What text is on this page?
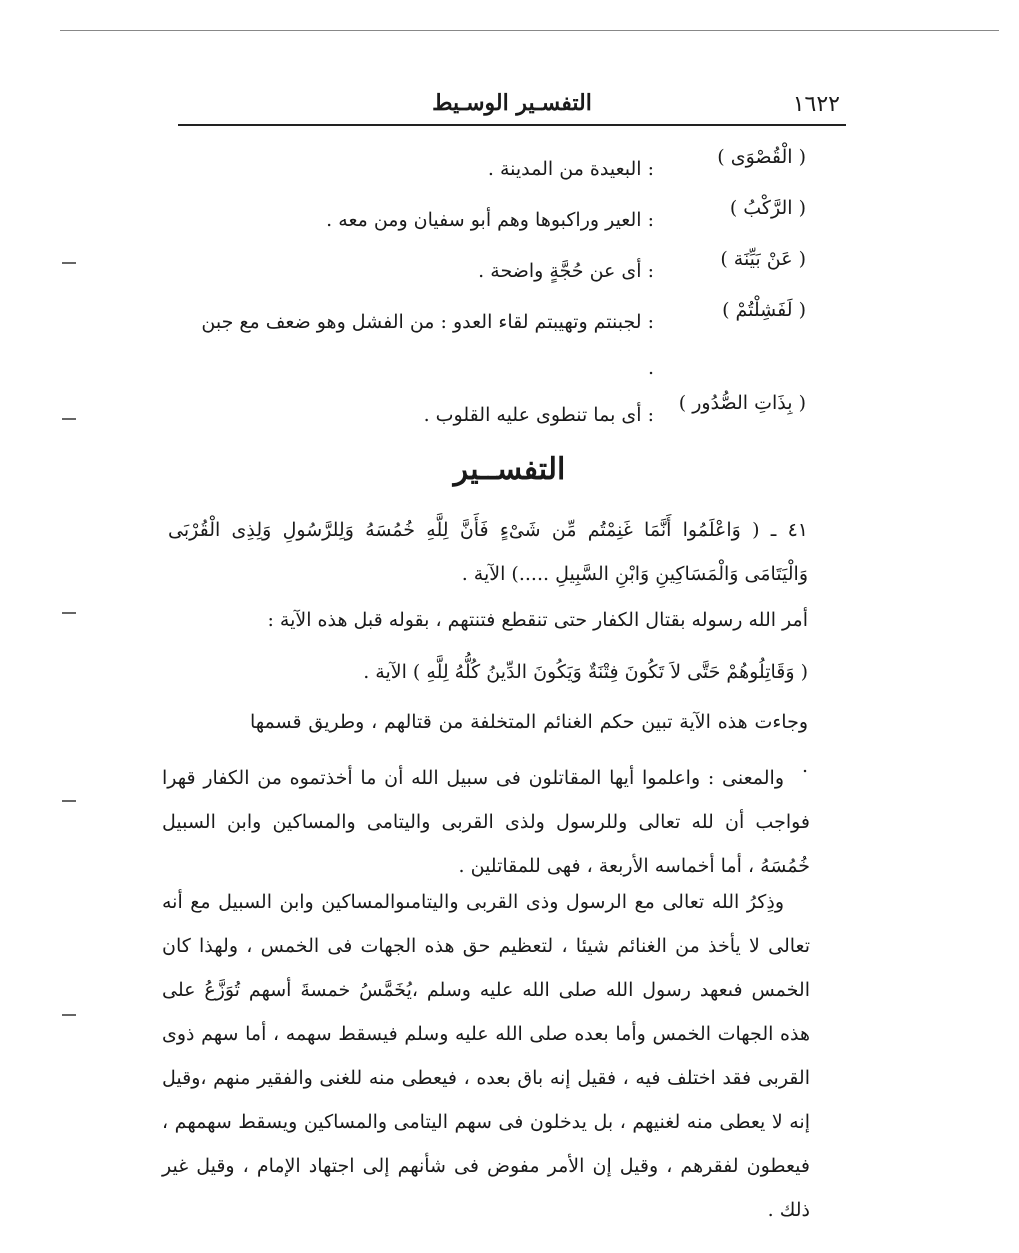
١٦٢٢
التفسـير الوسـيط
( الْقُصْوَى )
: البعيدة من المدينة .
( الرَّكْبُ )
: العير وراكبوها وهم أبو سفيان ومن معه .
( عَنْ بَيِّنَة )
: أى عن حُجَّةٍ واضحة .
( لَفَشِلْتُمْ )
: لجبنتم وتهيبتم لقاء العدو : من الفشل وهو ضعف مع جبن .
( بِذَاتِ الصُّدُور )
: أى بما تنطوى عليه القلوب .
التفســير
٤١ ـ ( وَاعْلَمُوا أَنَّمَا غَنِمْتُم مِّن شَىْءٍ فَأَنَّ لِلَّهِ خُمُسَهُ وَلِلرَّسُولِ وَلِذِى الْقُرْبَى وَالْيَتَامَى وَالْمَسَاكِينِ وَابْنِ السَّبِيلِ .....) الآية .
أمر الله رسوله بقتال الكفار حتى تنقطع فتنتهم ، بقوله قبل هذه الآية :
( وَقَاتِلُوهُمْ حَتَّى لاَ تَكُونَ فِتْنَةٌ وَيَكُونَ الدِّينُ كُلُّهُ لِلَّهِ ) الآية .
وجاءت هذه الآية تبين حكم الغنائم المتخلفة من قتالهم ، وطريق قسمها .
والمعنى : واعلموا أيها المقاتلون فى سبيل الله أن ما أخذتموه من الكفار قهرا فواجب أن لله تعالى وللرسول ولذى القربى واليتامى والمساكين وابن السبيل خُمُسَهُ ، أما أخماسه الأربعة ، فهى للمقاتلين .
وذِكرُ الله تعالى مع الرسول وذى القربى واليتامىوالمساكين وابن السبيل مع أنه تعالى لا يأخذ من الغنائم شيئا ، لتعظيم حق هذه الجهات فى الخمس ، ولهذا كان الخمس فىعهد رسول الله صلى الله عليه وسلم ،يُخَمَّسُ خمسةَ أسهم تُوَزَّعُ على هذه الجهات الخمس وأما بعده صلى الله عليه وسلم فيسقط سهمه ، أما سهم ذوى القربى فقد اختلف فيه ، فقيل إنه باق بعده ، فيعطى منه للغنى والفقير منهم ،وقيل إنه لا يعطى منه لغنيهم ، بل يدخلون فى سهم اليتامى والمساكين ويسقط سهمهم ، فيعطون لفقرهم ، وقيل إن الأمر مفوض فى شأنهم إلى اجتهاد الإمام ، وقيل غير ذلك .
